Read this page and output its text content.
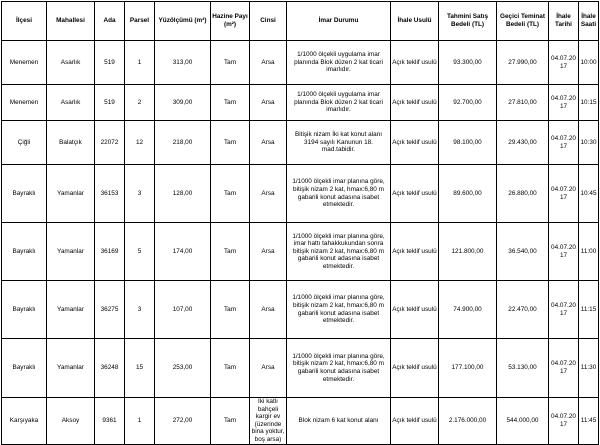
İlçesi	Mahallesi	Ada	Parsel	Yüzölçümü (m²)	Hazine Payı (m²)	Cinsi	İmar Durumu	İhale Usulü	Tahmini Satış Bedeli (TL)	Geçici Teminat Bedeli (TL)	İhale Tarihi	İhale Saati
Menemen	Asarlık	519	1	313,00	Tam	Arsa	1/1000 ölçekli uygulama imar planında Blok düzen 2 kat ticari imarlıdır.	Açık teklif usulü	93.300,00	27.990,00	04.07.2017	10:00
Menemen	Asarlık	519	2	309,00	Tam	Arsa	1/1000 ölçekli uygulama imar planında Blok düzen 2 kat ticari imarlıdır.	Açık teklif usulü	92.700,00	27.810,00	04.07.2017	10:15
Çiğli	Balatçık	22072	12	218,00	Tam	Arsa	Bitişik nizam İki kat konut alanı 3194 sayılı Kanunun 18. mad.tabidir.	Açık teklif usulü	98.100,00	29.430,00	04.07.2017	10:30
Bayraklı	Yamanlar	36153	3	128,00	Tam	Arsa	1/1000 ölçekli imar planına göre, bitişik nizam 2 kat, hmax:6,80 m gabarili konut adasına isabet etmektedir.	Açık teklif usulü	89.600,00	26.880,00	04.07.2017	10:45
Bayraklı	Yamanlar	36169	5	174,00	Tam	Arsa	1/1000 ölçekli imar planına göre, imar hattı tahakkukundan sonra bitişik nizam 2 kat, hmax:6,80 m gabarili konut adasına isabet etmektedir.	Açık teklif usulü	121.800,00	36.540,00	04.07.2017	11:00
Bayraklı	Yamanlar	36275	3	107,00	Tam	Arsa	1/1000 ölçekli imar planına göre, bitişik nizam 2 kat, hmax:6,80 m gabarili konut adasına isabet etmektedir.	Açık teklif usulü	74.900,00	22.470,00	04.07.2017	11:15
Bayraklı	Yamanlar	36248	15	253,00	Tam	Arsa	1/1000 ölçekli imar planına göre, bitişik nizam 2 kat, hmax:6,80 m gabarili konut adasına isabet etmektedir.	Açık teklif usulü	177.100,00	53.130,00	04.07.2017	11:30
Karşıyaka	Aksoy	9361	1	272,00	Tam	İki katlı bahçeli kargir ev (üzerinde bina yoktur, boş arsa)	Blok nizam 6 kat konut alanı	Açık teklif usulü	2.176.000,00	544.000,00	04.07.2017	11:45
